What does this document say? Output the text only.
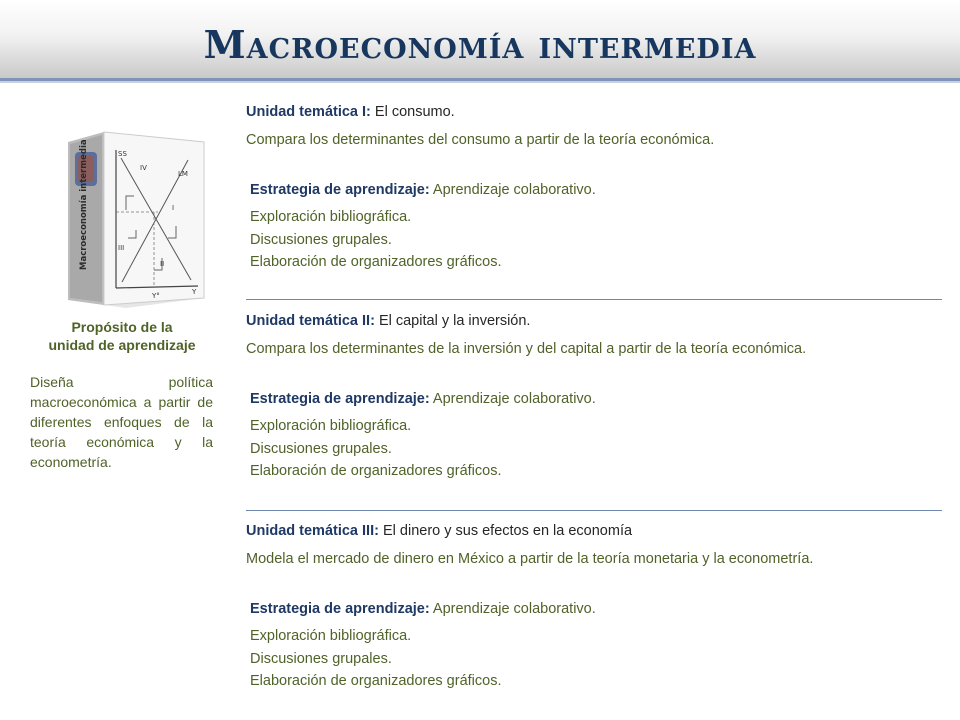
Macroeconomía intermedia
Macroeconomía intermedia	SS
IV
LM
I
III
II
Y°	Y
Propósito de la
unidad de aprendizaje
Diseña política macroeconómica a partir de diferentes enfoques de la teoría económica y la econometría.
Unidad temática I: El consumo.
Compara los determinantes del consumo a partir de la teoría económica.
Estrategia de aprendizaje: Aprendizaje colaborativo.
Exploración bibliográfica.
Discusiones grupales.
Elaboración de organizadores gráficos.
Unidad temática II: El capital y la inversión.
Compara los determinantes de la inversión y del capital a partir de la teoría económica.
Estrategia de aprendizaje: Aprendizaje colaborativo.
Exploración bibliográfica.
Discusiones grupales.
Elaboración de organizadores gráficos.
Unidad temática III: El dinero y sus efectos en la economía
Modela el mercado de dinero en México a partir de la teoría monetaria y la econometría.
Estrategia de aprendizaje: Aprendizaje colaborativo.
Exploración bibliográfica.
Discusiones grupales.
Elaboración de organizadores gráficos.
